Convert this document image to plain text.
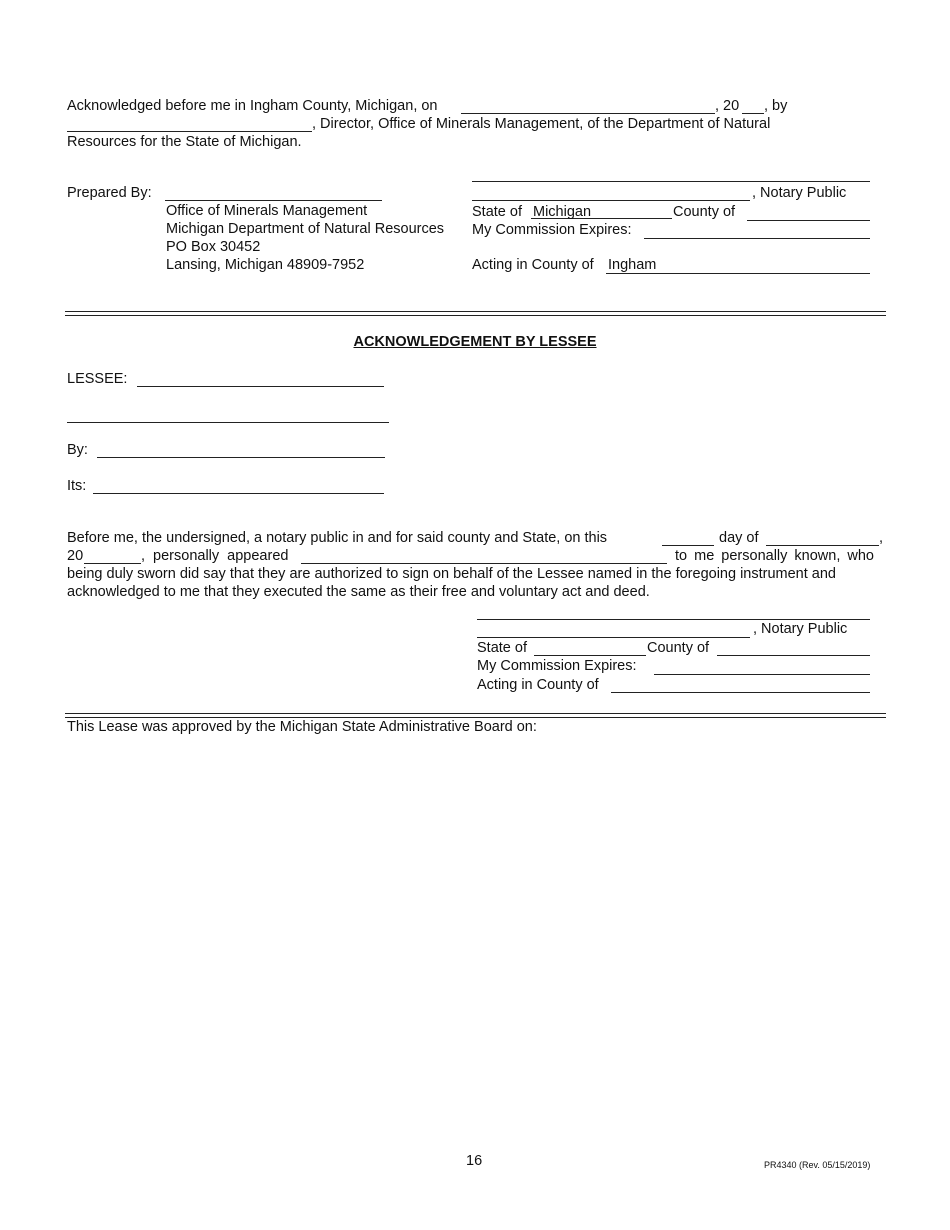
Acknowledged before me in Ingham County, Michigan, on	, 20 , by
, Director, Office of Minerals Management, of the Department of Natural
Resources for the State of Michigan.
Prepared By:
Office of Minerals Management
Michigan Department of Natural Resources
PO Box 30452
Lansing, Michigan 48909-7952
, Notary Public
State of Michigan	County of
My Commission Expires:
Acting in County of Ingham
ACKNOWLEDGEMENT BY LESSEE
LESSEE:
By:
Its:
Before me, the undersigned, a notary public in and for said county and State, on this	day of	,
20	, personally appeared	to me personally known, who
being duly sworn did say that they are authorized to sign on behalf of the Lessee named in the foregoing instrument and
acknowledged to me that they executed the same as their free and voluntary act and deed.
, Notary Public
State of	County of
My Commission Expires:
Acting in County of
This Lease was approved by the Michigan State Administrative Board on:
16	PR4340 (Rev. 05/15/2019)
